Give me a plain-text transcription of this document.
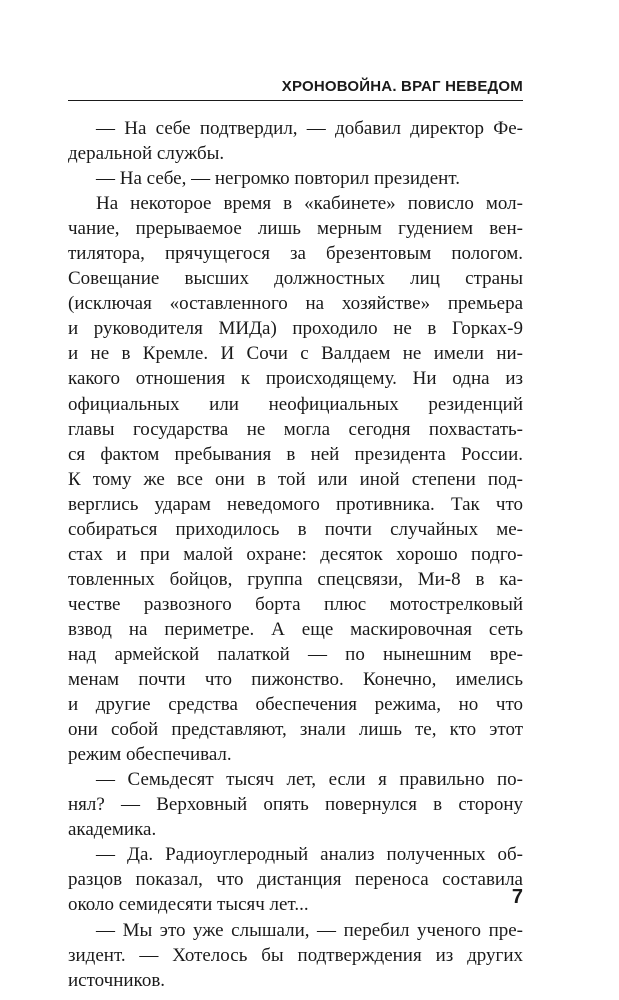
ХРОНОВОЙНА. ВРАГ НЕВЕДОМ
— На себе подтвердил, — добавил директор Фе-
деральной службы.
— На себе, — негромко повторил президент.
На некоторое время в «кабинете» повисло мол-
чание, прерываемое лишь мерным гудением вен-
тилятора, прячущегося за брезентовым пологом.
Совещание высших должностных лиц страны
(исключая «оставленного на хозяйстве» премьера
и руководителя МИДа) проходило не в Горках-9
и не в Кремле. И Сочи с Валдаем не имели ни-
какого отношения к происходящему. Ни одна из
официальных или неофициальных резиденций
главы государства не могла сегодня похвастать-
ся фактом пребывания в ней президента России.
К тому же все они в той или иной степени под-
верглись ударам неведомого противника. Так что
собираться приходилось в почти случайных ме-
стах и при малой охране: десяток хорошо подго-
товленных бойцов, группа спецсвязи, Ми-8 в ка-
честве развозного борта плюс мотострелковый
взвод на периметре. А еще маскировочная сеть
над армейской палаткой — по нынешним вре-
менам почти что пижонство. Конечно, имелись
и другие средства обеспечения режима, но что
они собой представляют, знали лишь те, кто этот
режим обеспечивал.
— Семьдесят тысяч лет, если я правильно по-
нял? — Верховный опять повернулся в сторону
академика.
— Да. Радиоуглеродный анализ полученных об-
разцов показал, что дистанция переноса составила
около семидесяти тысяч лет...
— Мы это уже слышали, — перебил ученого пре-
зидент. — Хотелось бы подтверждения из других
источников.
7
